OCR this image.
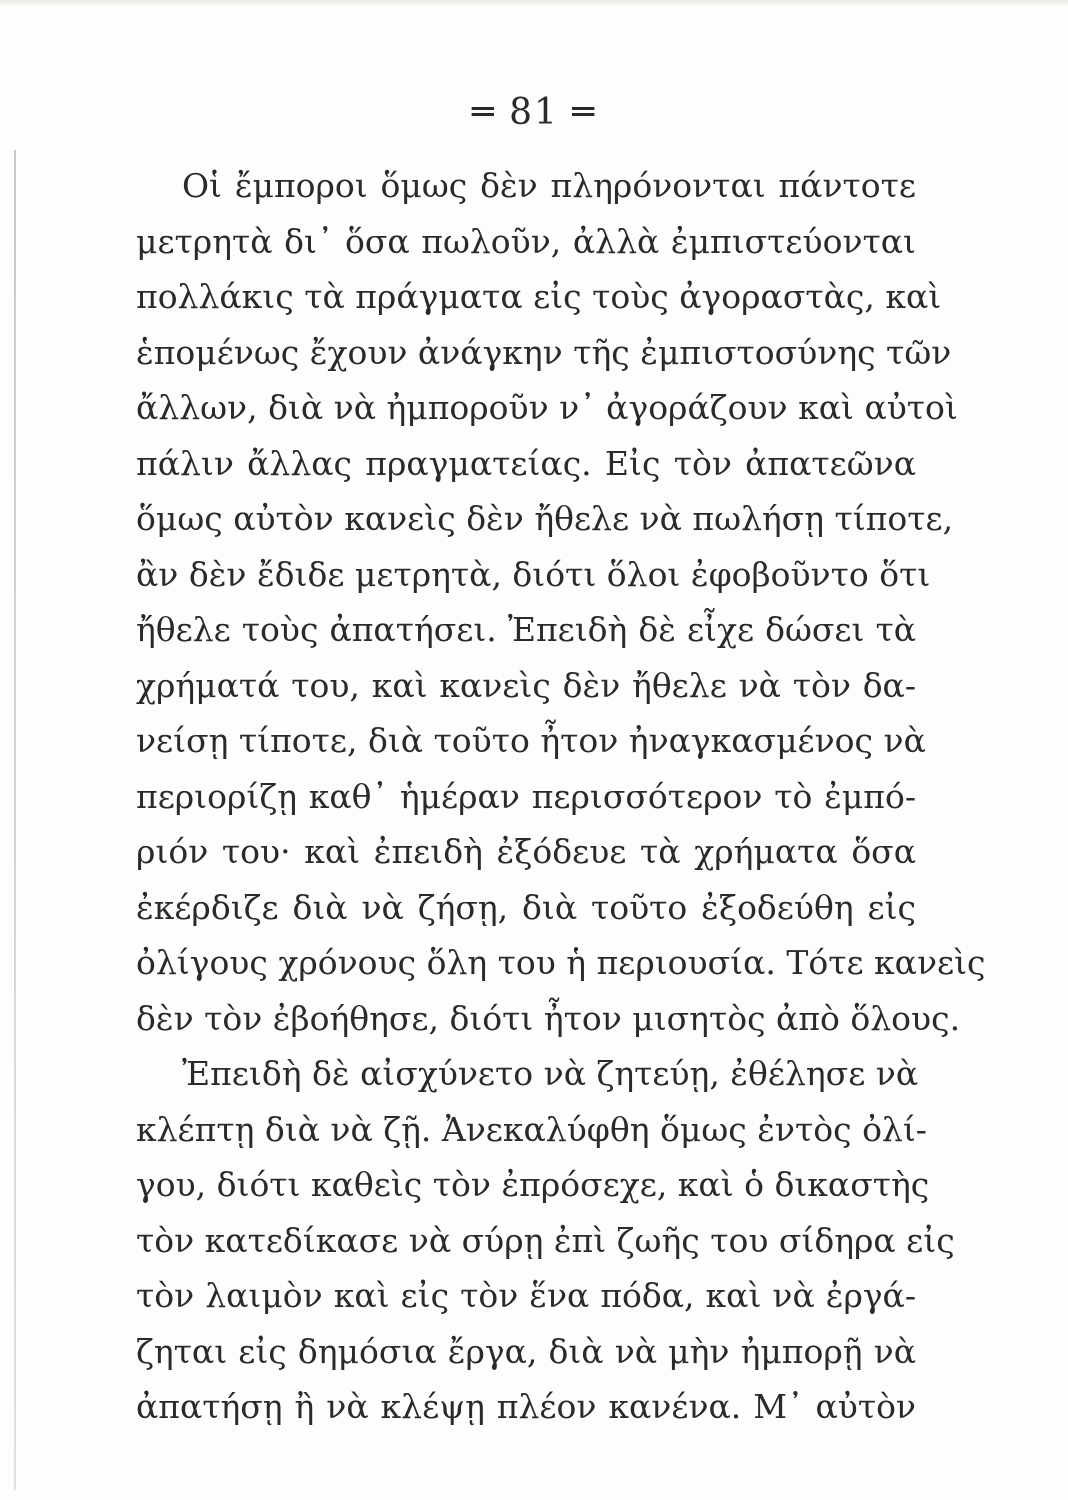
═ 81 ═
Οἱ ἔμποροι ὅμως δὲν πληρόνονται πάντοτε
μετρητὰ δι᾽ ὅσα πωλοῦν, ἀλλὰ ἐμπιστεύονται
πολλάκις τὰ πράγματα εἰς τοὺς ἀγοραστὰς, καὶ
ἑπομένως ἔχουν ἀνάγκην τῆς ἐμπιστοσύνης τῶν
ἄλλων, διὰ νὰ ἠμποροῦν ν᾽ ἀγοράζουν καὶ αὐτοὶ
πάλιν ἄλλας πραγματείας. Εἰς τὸν ἀπατεῶνα
ὅμως αὐτὸν κανεὶς δὲν ἤθελε νὰ πωλήσῃ τίποτε,
ἂν δὲν ἔδιδε μετρητὰ, διότι ὅλοι ἐφοβοῦντο ὅτι
ἤθελε τοὺς ἀπατήσει. Ἐπειδὴ δὲ εἶχε δώσει τὰ
χρήματά του, καὶ κανεὶς δὲν ἤθελε νὰ τὸν δα-
νείσῃ τίποτε, διὰ τοῦτο ἦτον ἠναγκασμένος νὰ
περιορίζῃ καθ᾽ ἡμέραν περισσότερον τὸ ἐμπό-
ριόν του· καὶ ἐπειδὴ ἐξόδευε τὰ χρήματα ὅσα
ἐκέρδιζε διὰ νὰ ζήσῃ, διὰ τοῦτο ἐξοδεύθη εἰς
ὀλίγους χρόνους ὅλη του ἡ περιουσία. Τότε κανεὶς
δὲν τὸν ἐβοήθησε, διότι ἦτον μισητὸς ἀπὸ ὅλους.
Ἐπειδὴ δὲ αἰσχύνετο νὰ ζητεύῃ, ἐθέλησε νὰ
κλέπτῃ διὰ νὰ ζῇ. Ἀνεκαλύφθη ὅμως ἐντὸς ὀλί-
γου, διότι καθεὶς τὸν ἐπρόσεχε, καὶ ὁ δικαστὴς
τὸν κατεδίκασε νὰ σύρῃ ἐπὶ ζωῆς του σίδηρα εἰς
τὸν λαιμὸν καὶ εἰς τὸν ἕνα πόδα, καὶ νὰ ἐργά-
ζηται εἰς δημόσια ἔργα, διὰ νὰ μὴν ἠμπορῇ νὰ
ἀπατήσῃ ἢ νὰ κλέψῃ πλέον κανένα. Μ᾽ αὐτὸν
